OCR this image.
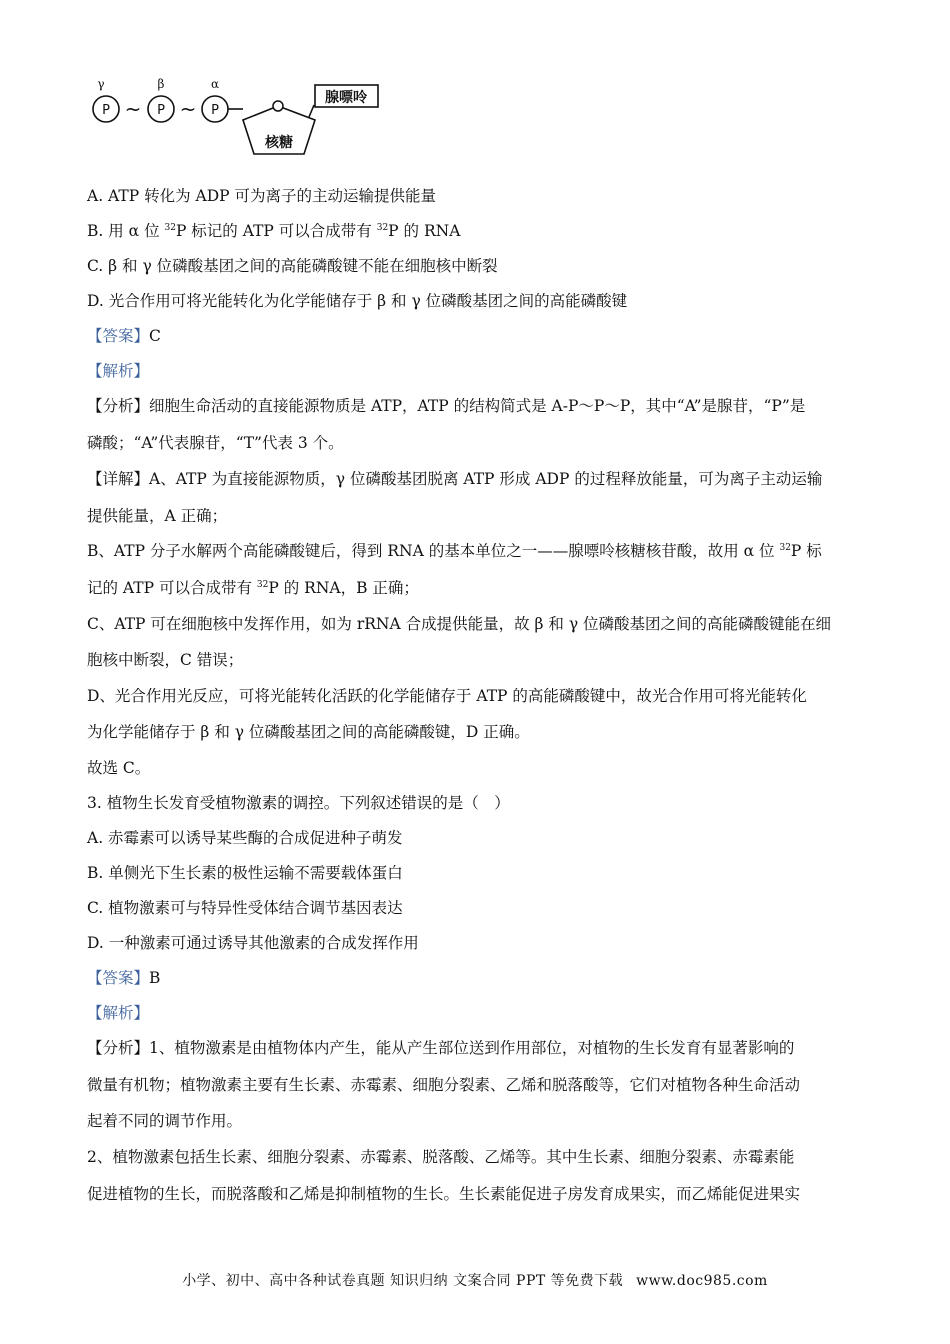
γ	β	α
P	P	P
~ ~	腺嘌呤
核糖
A. ATP 转化为 ADP 可为离子的主动运输提供能量
B. 用 α 位 $^{32}$P 标记的 ATP 可以合成带有 $^{32}$P 的 RNA
C. β 和 γ 位磷酸基团之间的高能磷酸键不能在细胞核中断裂
D. 光合作用可将光能转化为化学能储存于 β 和 γ 位磷酸基团之间的高能磷酸键
【答案】C
【解析】
【分析】细胞生命活动的直接能源物质是 ATP，ATP 的结构简式是 A-P～P～P，其中“A”是腺苷，“P”是
磷酸；“A”代表腺苷，“T”代表 3 个。
【详解】A、ATP 为直接能源物质，γ 位磷酸基团脱离 ATP 形成 ADP 的过程释放能量，可为离子主动运输
提供能量，A 正确；
B、ATP 分子水解两个高能磷酸键后，得到 RNA 的基本单位之一——腺嘌呤核糖核苷酸，故用 α 位 $^{32}$P 标
记的 ATP 可以合成带有 $^{32}$P 的 RNA，B 正确；
C、ATP 可在细胞核中发挥作用，如为 rRNA 合成提供能量，故 β 和 γ 位磷酸基团之间的高能磷酸键能在细
胞核中断裂，C 错误；
D、光合作用光反应，可将光能转化活跃的化学能储存于 ATP 的高能磷酸键中，故光合作用可将光能转化
为化学能储存于 β 和 γ 位磷酸基团之间的高能磷酸键，D 正确。
故选 C。
3. 植物生长发育受植物激素的调控。下列叙述错误的是（　）
A. 赤霉素可以诱导某些酶的合成促进种子萌发
B. 单侧光下生长素的极性运输不需要载体蛋白
C. 植物激素可与特异性受体结合调节基因表达
D. 一种激素可通过诱导其他激素的合成发挥作用
【答案】B
【解析】
【分析】1、植物激素是由植物体内产生，能从产生部位送到作用部位，对植物的生长发育有显著影响的
微量有机物；植物激素主要有生长素、赤霉素、细胞分裂素、乙烯和脱落酸等，它们对植物各种生命活动
起着不同的调节作用。
2、植物激素包括生长素、细胞分裂素、赤霉素、脱落酸、乙烯等。其中生长素、细胞分裂素、赤霉素能
促进植物的生长，而脱落酸和乙烯是抑制植物的生长。生长素能促进子房发育成果实，而乙烯能促进果实
小学、初中、高中各种试卷真题 知识归纳 文案合同 PPT 等免费下载 www.doc985.com
